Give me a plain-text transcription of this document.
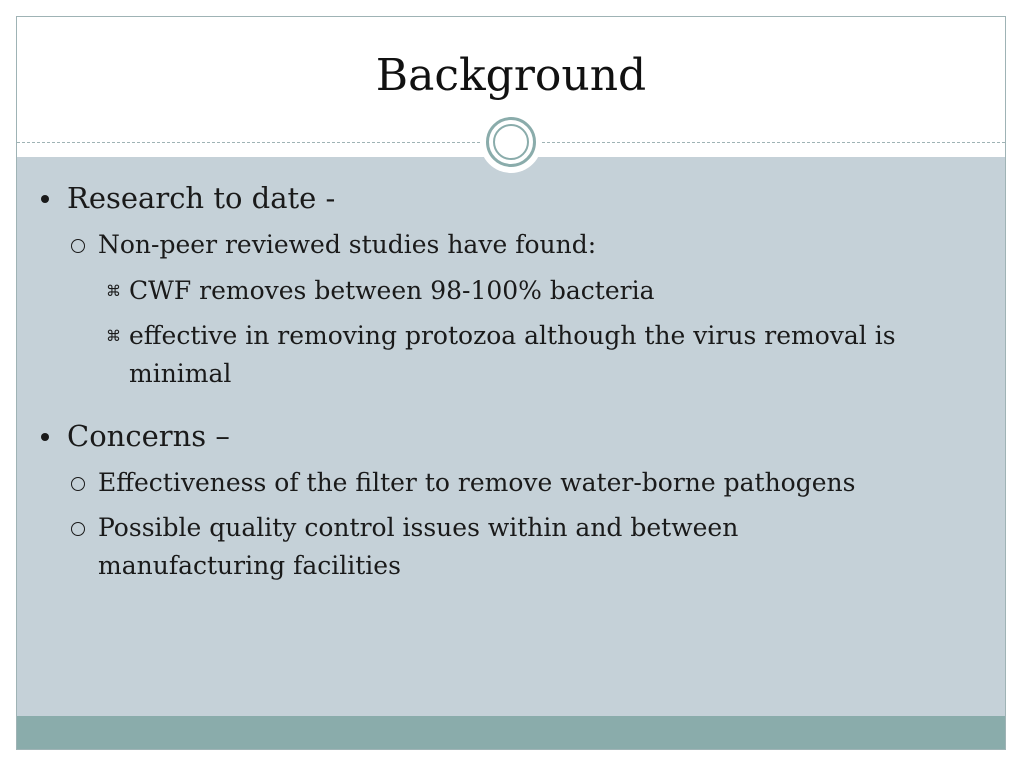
Background
Research to date -
Non-peer reviewed studies have found:
⌘ CWF removes between 98-100% bacteria
⌘ effective in removing protozoa although the virus removal is minimal
Concerns –
Effectiveness of the filter to remove water-borne pathogens
Possible quality control issues within and between manufacturing facilities
